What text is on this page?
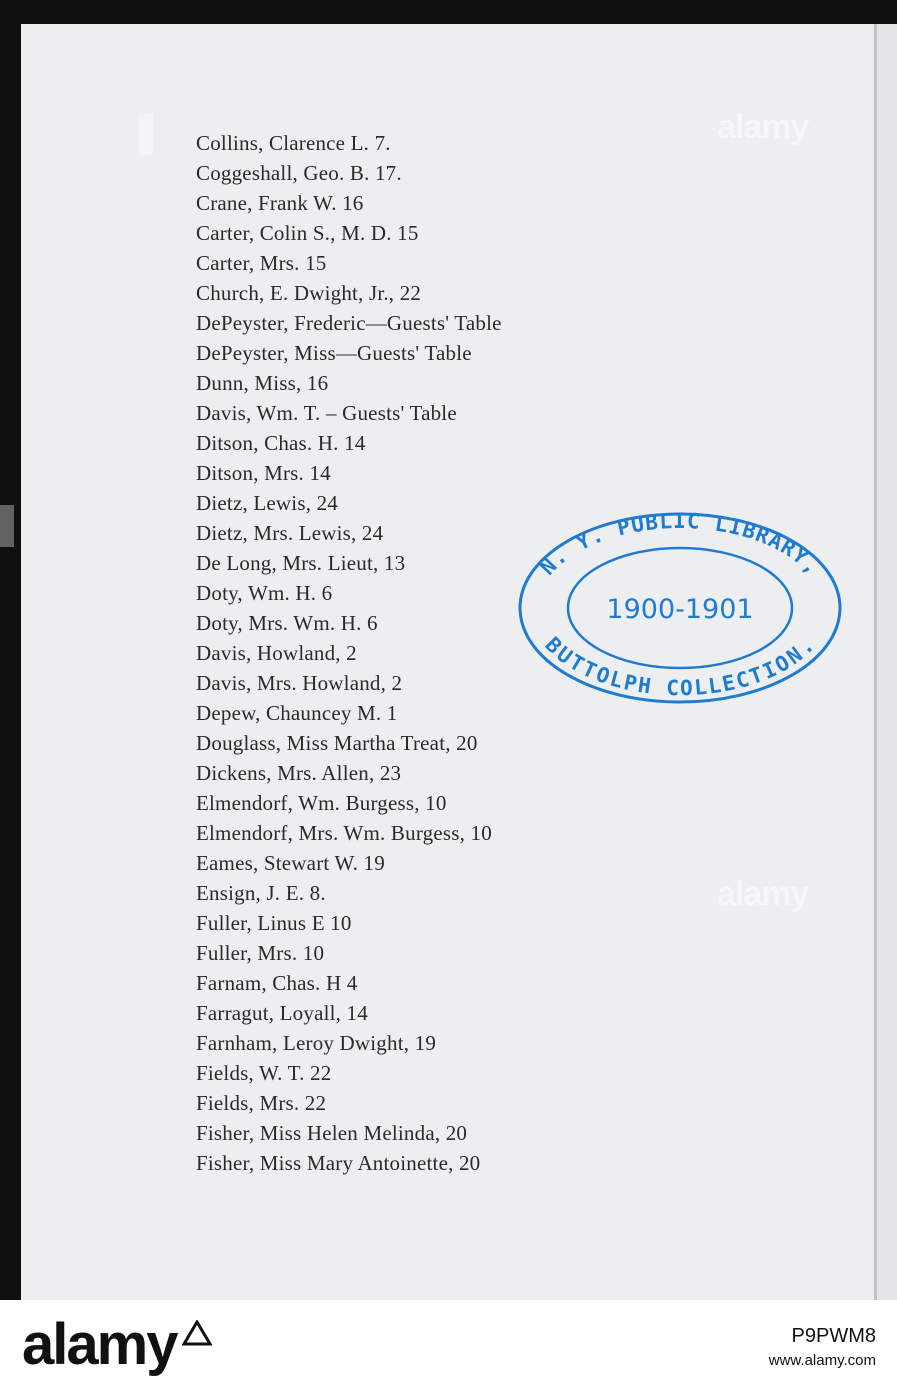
Collins, Clarence L. 7.
Coggeshall, Geo. B. 17.
Crane, Frank W. 16
Carter, Colin S., M. D. 15
Carter, Mrs. 15
Church, E. Dwight, Jr., 22
DePeyster, Frederic—Guests' Table
DePeyster, Miss—Guests' Table
Dunn, Miss, 16
Davis, Wm. T. – Guests' Table
Ditson, Chas. H. 14
Ditson, Mrs. 14
Dietz, Lewis, 24
Dietz, Mrs. Lewis, 24
De Long, Mrs. Lieut, 13
Doty, Wm. H. 6
Doty, Mrs. Wm. H. 6
Davis, Howland, 2
Davis, Mrs. Howland, 2
Depew, Chauncey M. 1
Douglass, Miss Martha Treat, 20
Dickens, Mrs. Allen, 23
Elmendorf, Wm. Burgess, 10
Elmendorf, Mrs. Wm. Burgess, 10
Eames, Stewart W. 19
Ensign, J. E. 8.
Fuller, Linus E 10
Fuller, Mrs. 10
Farnam, Chas. H 4
Farragut, Loyall, 14
Farnham, Leroy Dwight, 19
Fields, W. T. 22
Fields, Mrs. 22
Fisher, Miss Helen Melinda, 20
Fisher, Miss Mary Antoinette, 20
N. Y. PUBLIC LIBRARY,
BUTTOLPH COLLECTION.
1900-1901
alamy
alamy
alamy	P9PWM8
www.alamy.com
